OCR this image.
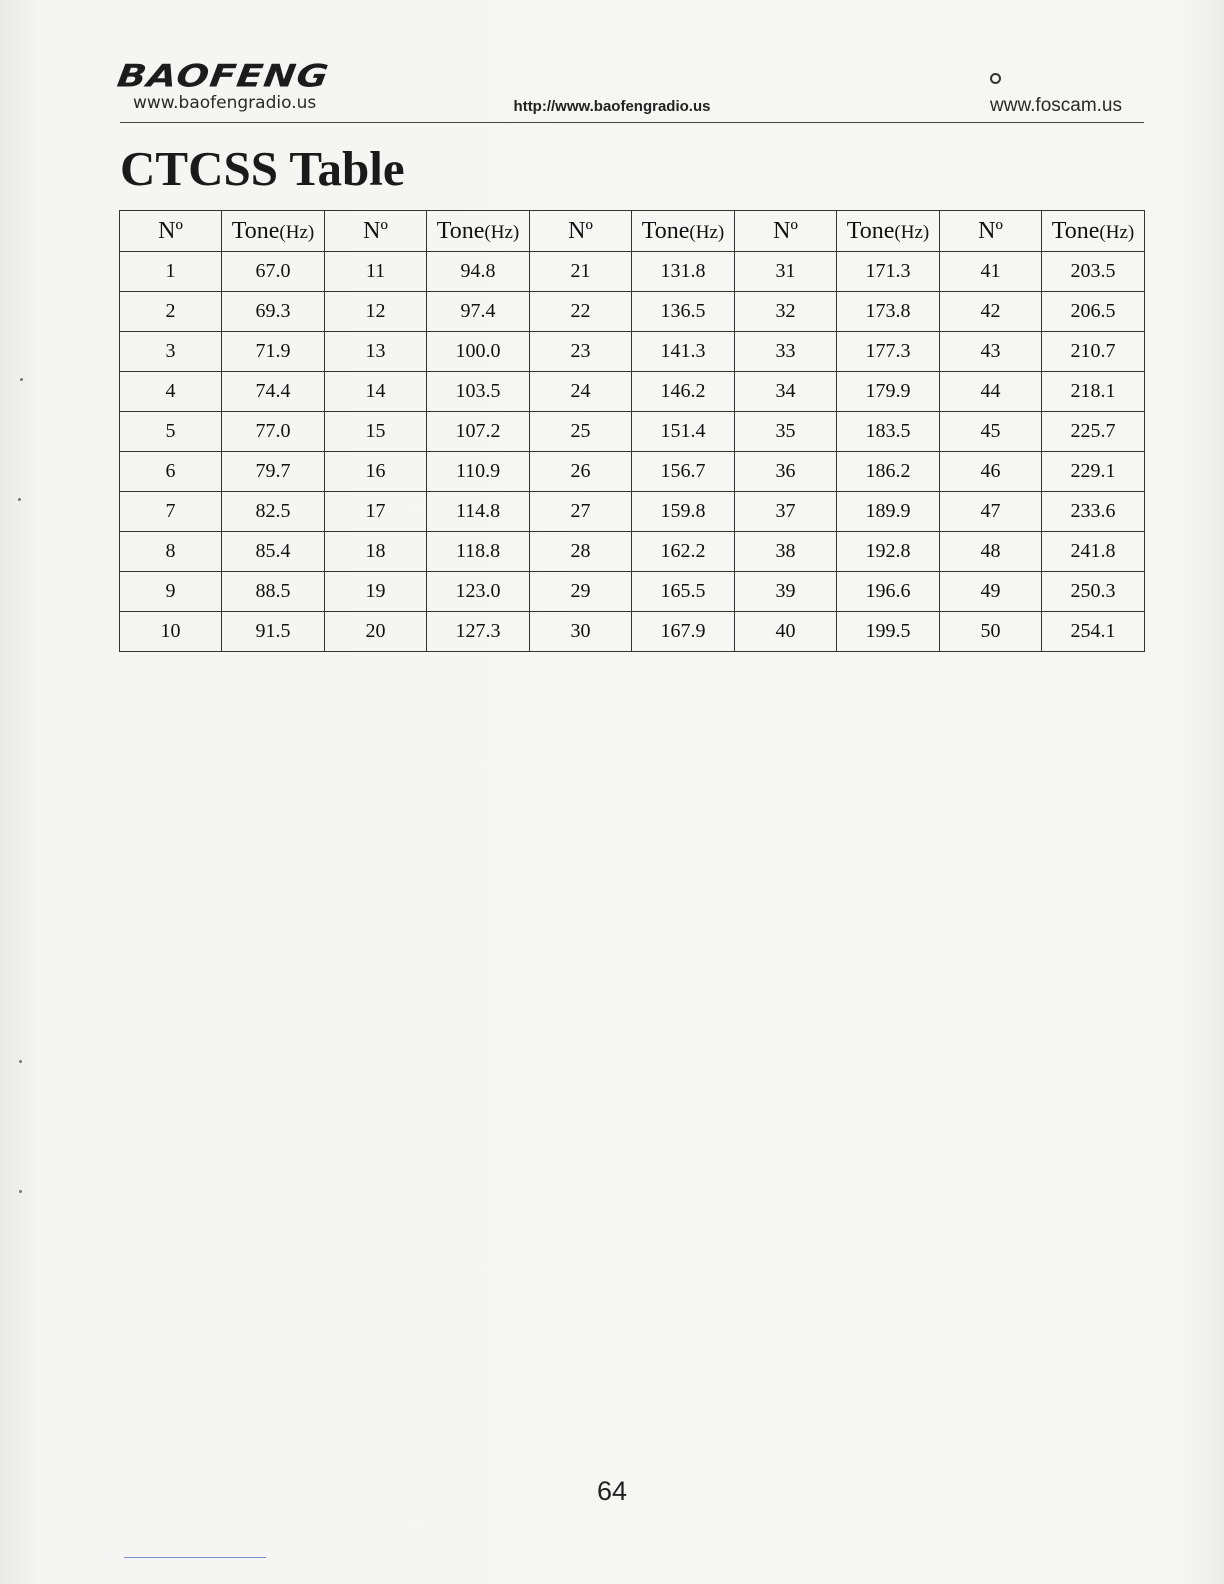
BAOFENG
www.baofengradio.us	http://www.baofengradio.us	www.foscam.us
CTCSS Table
Nº	Tone(Hz)	Nº	Tone(Hz)	Nº	Tone(Hz)	Nº	Tone(Hz)	Nº	Tone(Hz)
1	67.0	11	94.8	21	131.8	31	171.3	41	203.5
2	69.3	12	97.4	22	136.5	32	173.8	42	206.5
3	71.9	13	100.0	23	141.3	33	177.3	43	210.7
4	74.4	14	103.5	24	146.2	34	179.9	44	218.1
5	77.0	15	107.2	25	151.4	35	183.5	45	225.7
6	79.7	16	110.9	26	156.7	36	186.2	46	229.1
7	82.5	17	114.8	27	159.8	37	189.9	47	233.6
8	85.4	18	118.8	28	162.2	38	192.8	48	241.8
9	88.5	19	123.0	29	165.5	39	196.6	49	250.3
10	91.5	20	127.3	30	167.9	40	199.5	50	254.1
64
